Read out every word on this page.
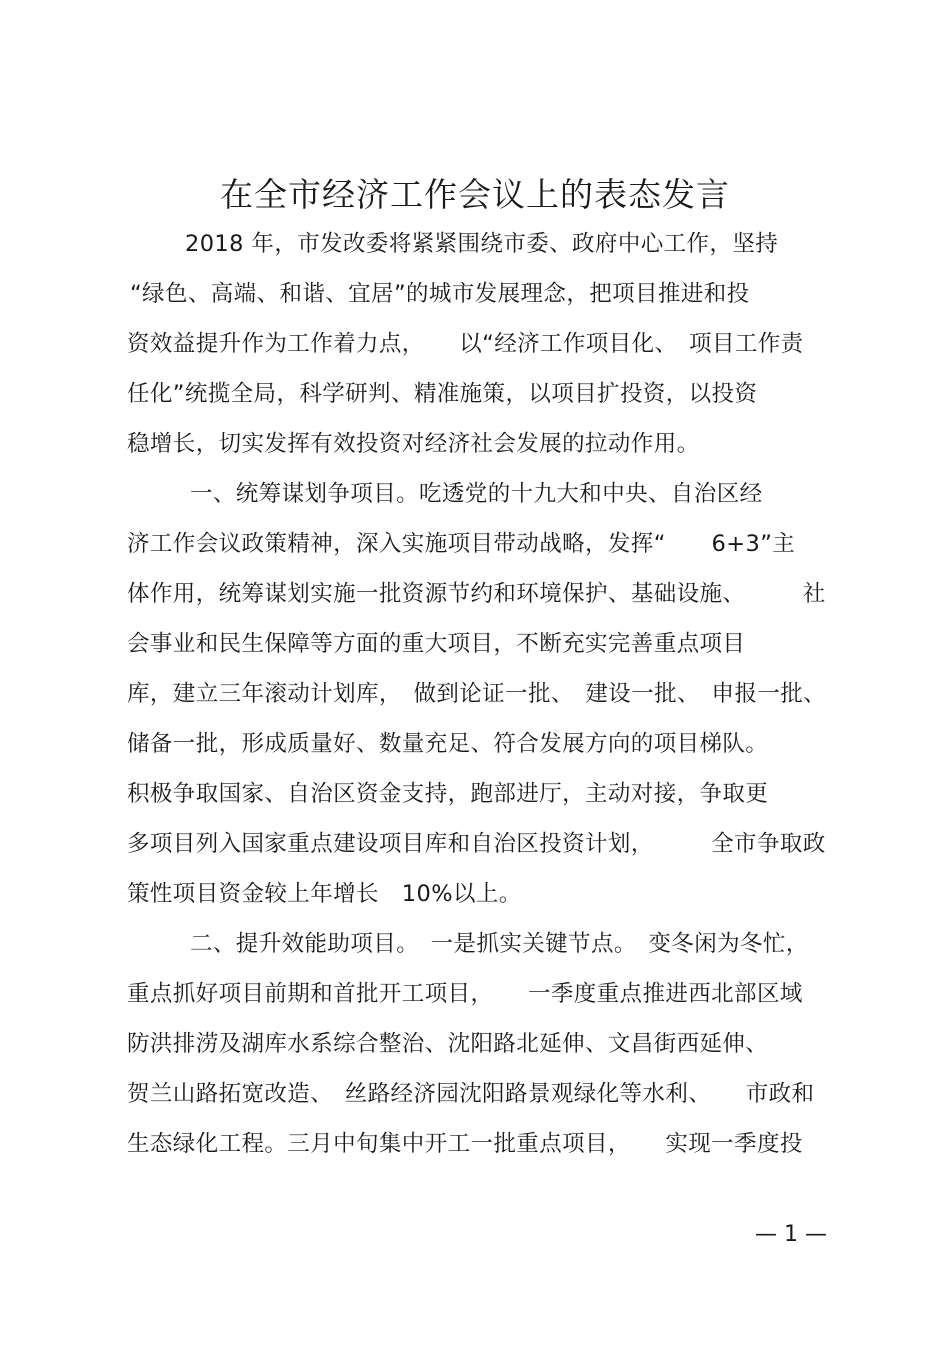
在全市经济工作会议上的表态发言
2018 年，市发改委将紧紧围绕市委、政府中心工作，坚持
“绿色、高端、和谐、宜居”的城市发展理念，把项目推进和投
资效益提升作为工作着力点，　　以“经济工作项目化、　项目工作责
任化”统揽全局，科学研判、精准施策，以项目扩投资，以投资
稳增长，切实发挥有效投资对经济社会发展的拉动作用。
一、统筹谋划争项目。吃透党的十九大和中央、自治区经
济工作会议政策精神，深入实施项目带动战略，发挥“　　6+3”主
体作用，统筹谋划实施一批资源节约和环境保护、基础设施、　　　社
会事业和民生保障等方面的重大项目，不断充实完善重点项目
库，建立三年滚动计划库，　做到论证一批、　建设一批、　申报一批、
储备一批，形成质量好、数量充足、符合发展方向的项目梯队。
积极争取国家、自治区资金支持，跑部进厅，主动对接，争取更
多项目列入国家重点建设项目库和自治区投资计划，　　　全市争取政
策性项目资金较上年增长　10%以上。
二、提升效能助项目。　一是抓实关键节点。　变冬闲为冬忙，
重点抓好项目前期和首批开工项目，　　一季度重点推进西北部区域
防洪排涝及湖库水系综合整治、沈阳路北延伸、文昌街西延伸、
贺兰山路拓宽改造、　丝路经济园沈阳路景观绿化等水利、　　市政和
生态绿化工程。三月中旬集中开工一批重点项目，　　实现一季度投
— 1 —
